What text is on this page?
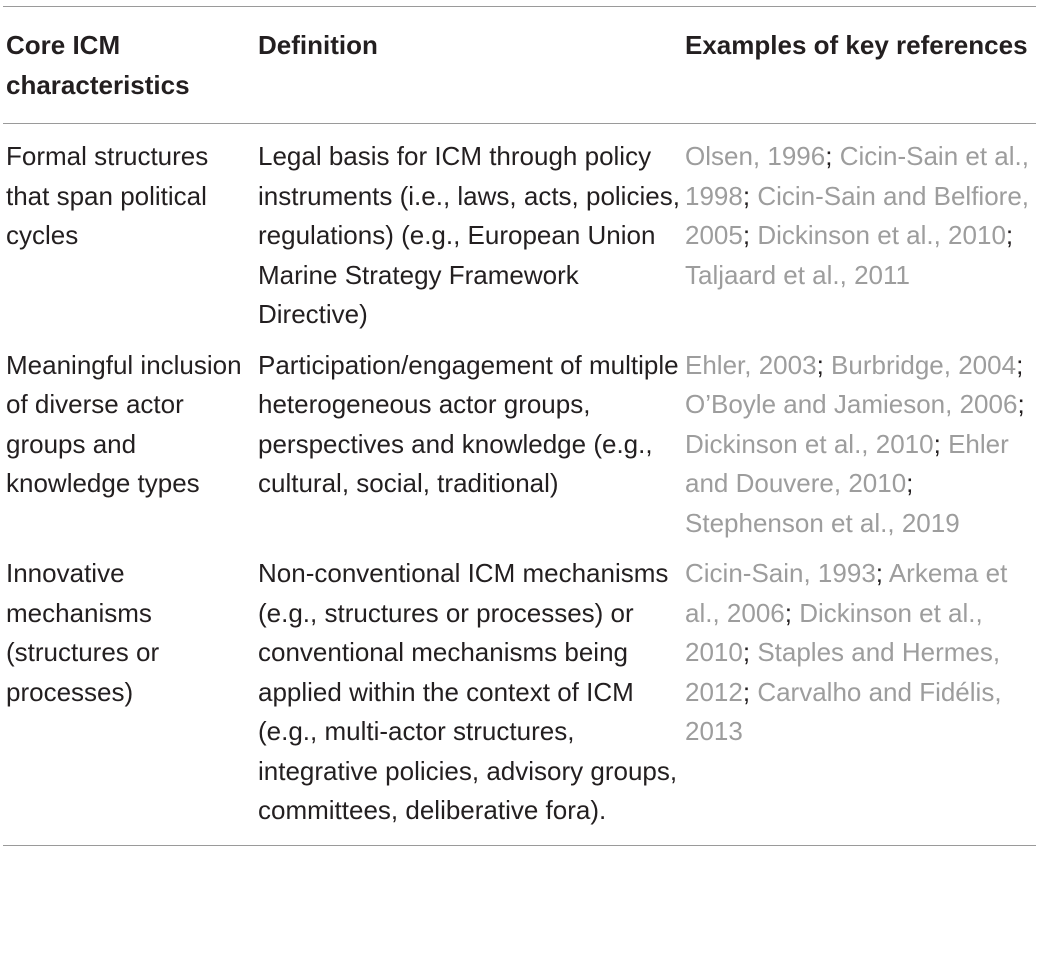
Core ICM characteristics
Definition	Examples of key references
Formal structures that span political cycles
Legal basis for ICM through policy instruments (i.e., laws, acts, policies, regulations) (e.g., European Union Marine Strategy Framework Directive)
Olsen, 1996; Cicin-Sain et al., 1998; Cicin-Sain and Belfiore, 2005; Dickinson et al., 2010; Taljaard et al., 2011
Meaningful inclusion of diverse actor groups and knowledge types
Participation/engagement of multiple heterogeneous actor groups, perspectives and knowledge (e.g., cultural, social, traditional)
Ehler, 2003; Burbridge, 2004; O’Boyle and Jamieson, 2006; Dickinson et al., 2010; Ehler and Douvere, 2010; Stephenson et al., 2019
Innovative mechanisms (structures or processes)
Non-conventional ICM mechanisms (e.g., structures or processes) or conventional mechanisms being applied within the context of ICM (e.g., multi-actor structures, integrative policies, advisory groups, committees, deliberative fora).
Cicin-Sain, 1993; Arkema et al., 2006; Dickinson et al., 2010; Staples and Hermes, 2012; Carvalho and Fidélis, 2013
